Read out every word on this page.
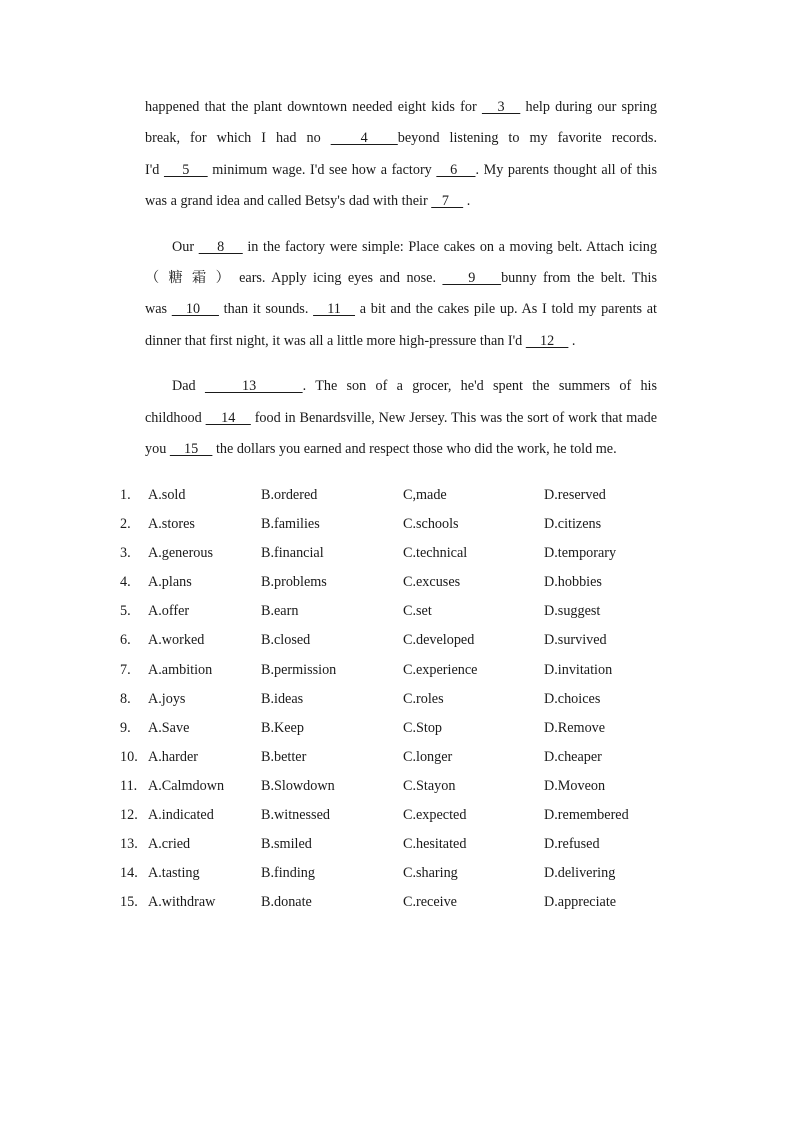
happened that the plant downtown needed eight kids for    3    help during our spring
break, for which I had no    4   beyond listening to my favorite records.
I'd     5     minimum wage. I'd see how a factory    6    . My parents thought all of this
was a grand idea and called Betsy's dad with their    7     .
Our     8     in the factory were simple: Place cakes on a moving belt. Attach icing
（ 糖 霜 ） ears. Apply icing eyes and nose.     9    bunny from the belt. This
was    10     than it sounds.    11    a bit and the cakes pile up. As I told my parents at
dinner that first night, it was all a little more high-pressure than I'd     12     .
Dad     13     . The son of a grocer, he'd spent the summers of his
childhood     14     food in Benardsville, New Jersey. This was the sort of work that made
you     15     the dollars you earned and respect those who did the work, he told me.
1. A.sold	B.ordered	C,made	D.reserved
2. A.stores	B.families	C.schools	D.citizens
3. A.generous	B.financial	C.technical	D.temporary
4. A.plans	B.problems	C.excuses	D.hobbies
5. A.offer	B.earn	C.set	D.suggest
6. A.worked	B.closed	C.developed	D.survived
7. A.ambition	B.permission	C.experience	D.invitation
8. A.joys	B.ideas	C.roles	D.choices
9. A.Save	B.Keep	C.Stop	D.Remove
10. A.harder	B.better	C.longer	D.cheaper
11. A.Calmdown	B.Slowdown	C.Stayon	D.Moveon
12. A.indicated	B.witnessed	C.expected	D.remembered
13. A.cried	B.smiled	C.hesitated	D.refused
14. A.tasting	B.finding	C.sharing	D.delivering
15. A.withdraw	B.donate	C.receive	D.appreciate
